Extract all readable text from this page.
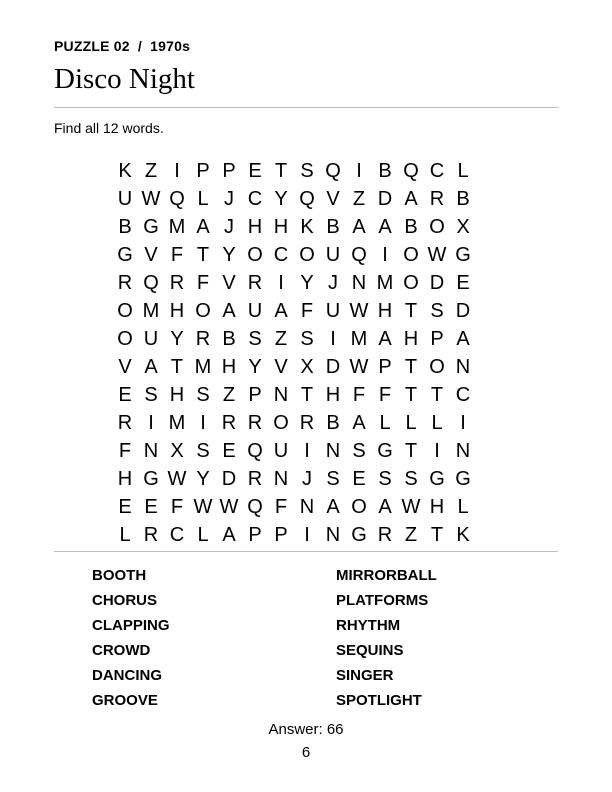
PUZZLE 02  /  1970s
Disco Night
Find all 12 words.
K Z I P P E T S Q I B Q C L
U W Q L J C Y Q V Z D A R B
B G M A J H H K B A A B O X
G V F T Y O C O U Q I O W G
R Q R F V R I Y J N M O D E
O M H O A U A F U W H T S D
O U Y R B S Z S I M A H P A
V A T M H Y V X D W P T O N
E S H S Z P N T H F F T T C
R I M I R R O R B A L L L I
F N X S E Q U I N S G T I N
H G W Y D R N J S E S S G G
E E F W W Q F N A O A W H L
L R C L A P P I N G R Z T K
BOOTH
CHORUS
CLAPPING
CROWD
DANCING
GROOVE
MIRRORBALL
PLATFORMS
RHYTHM
SEQUINS
SINGER
SPOTLIGHT
Answer: 66
6
